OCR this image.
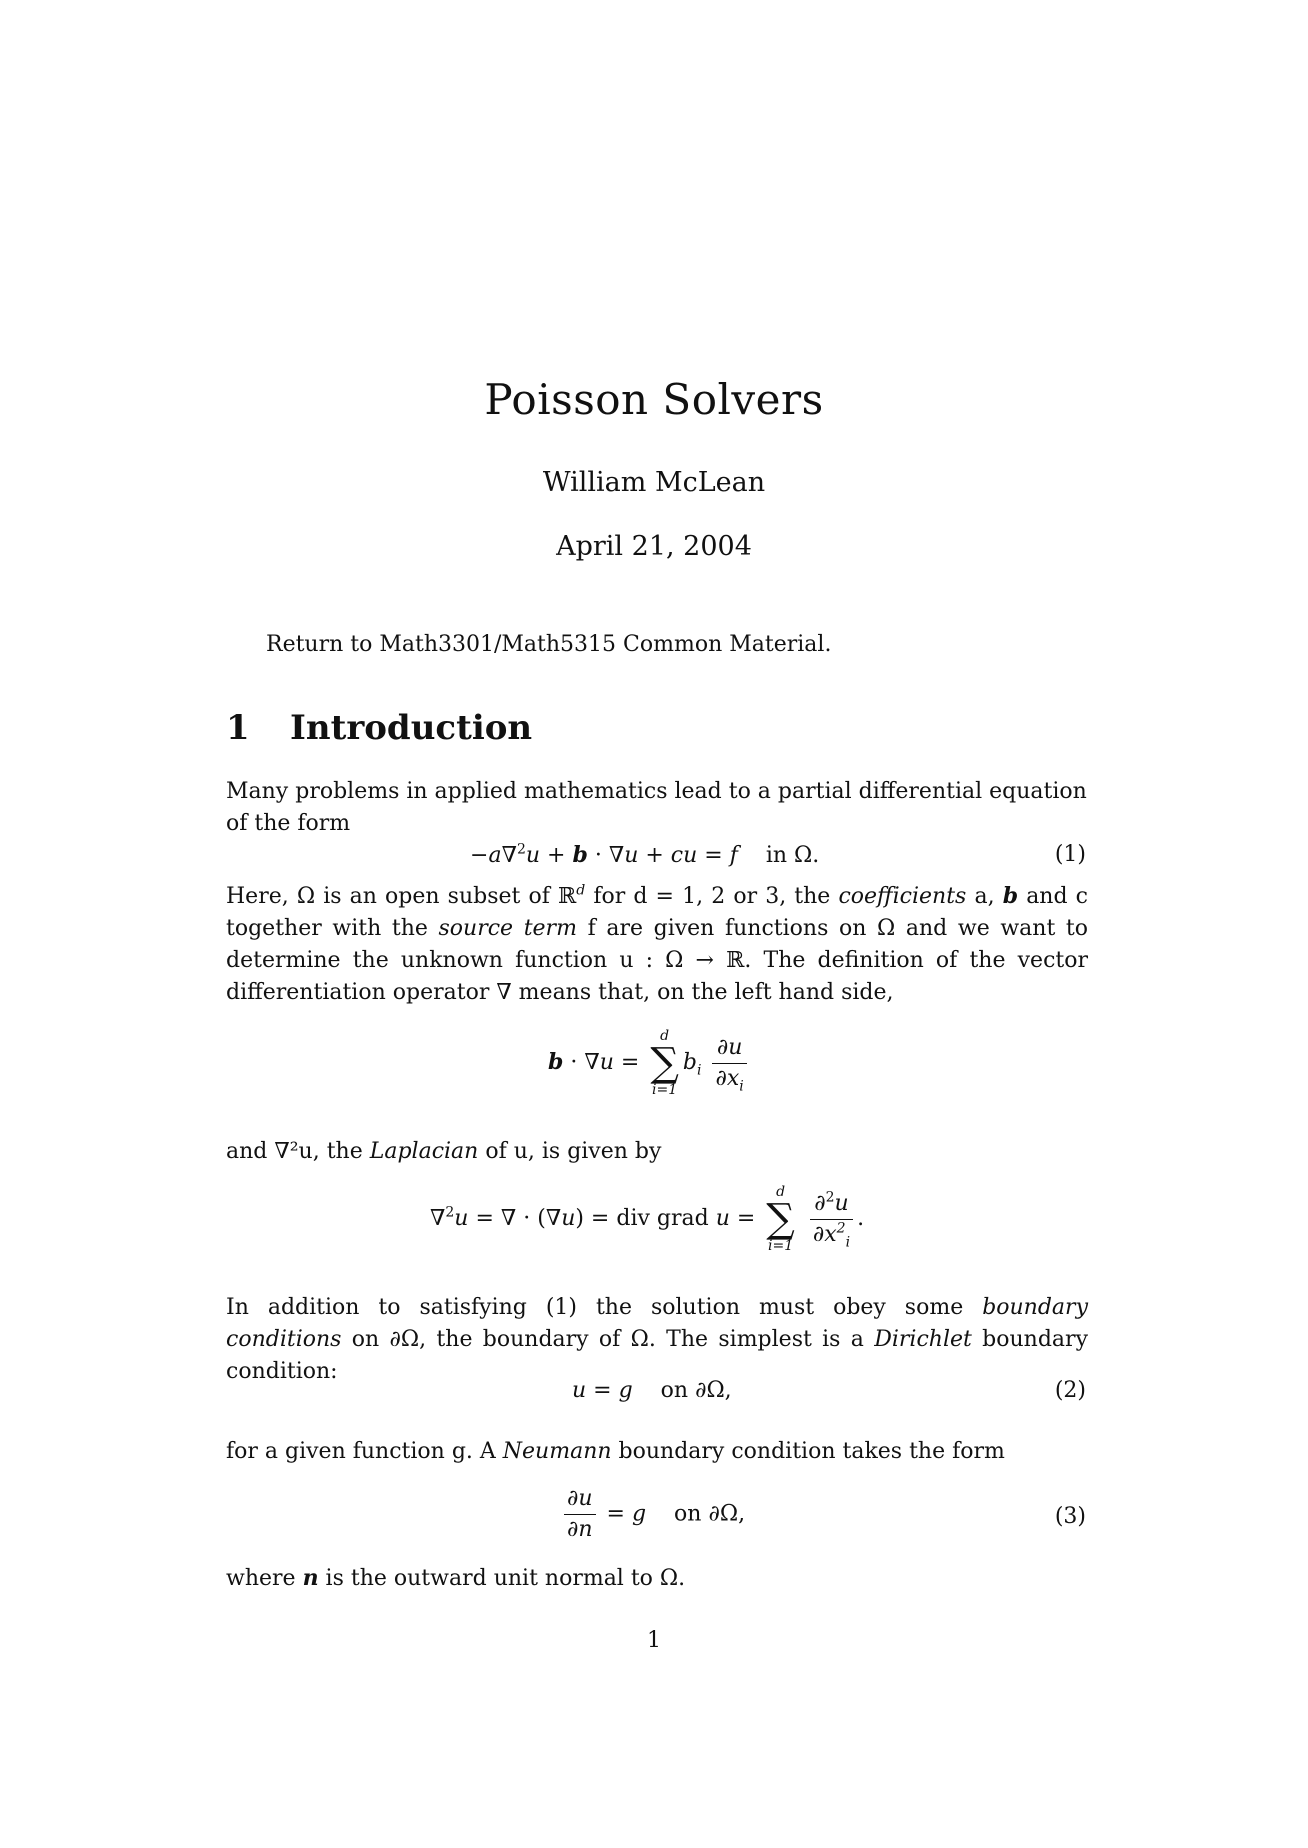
Poisson Solvers
William McLean
April 21, 2004
Return to Math3301/Math5315 Common Material.
1 Introduction
Many problems in applied mathematics lead to a partial differential equation
of the form
−a∇$^2$u + b · ∇u + cu = f    in Ω.	(1)
Here, Ω is an open subset of ℝ$^d$ for d = 1, 2 or 3, the coefficients a, b and c together with the source term f are given functions on Ω and we want to determine the unknown function u : Ω → ℝ. The definition of the vector differentiation operator ∇ means that, on the left hand side,
b · ∇u =
d
∑
i=1
$b_i \frac{\partial u}{\partial x_i}$
and ∇²u, the Laplacian of u, is given by
∇$^2$u = ∇ · (∇u) = div grad u =
d
∑
i=1
$\frac{\partial^2u}{\partial x^2_i}$ .
In addition to satisfying (1) the solution must obey some boundary conditions on ∂Ω, the boundary of Ω. The simplest is a Dirichlet boundary condition:
u = g    on ∂Ω,	(2)
for a given function g. A Neumann boundary condition takes the form
$\frac{\partial u}{\partial n} = g$    on ∂Ω,	(3)
where n is the outward unit normal to Ω.
1
